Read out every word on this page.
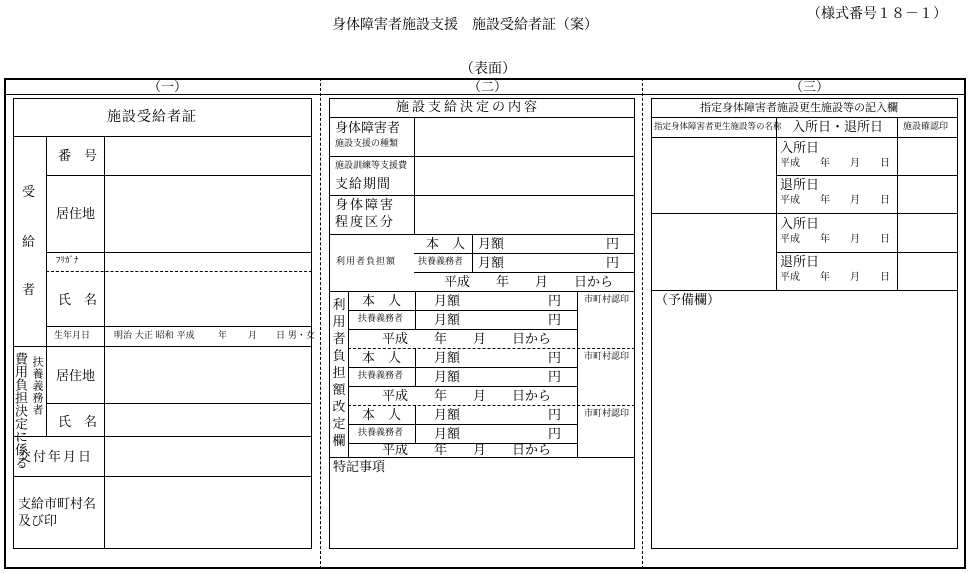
（様式番号１８－１）
身体障害者施設支援　施設受給者証（案）
（表面）
（一）	（二）	（三）
施設受給者証
受
給
者
番　号
居住地
ﾌﾘｶﾞﾅ
氏　名
生年月日	明治 大正 昭和 平成	年 月 日 男・女
費用負担決定に係る 扶養義務者 居住地
氏　名
交付年月日
支給市町村名
及び印
施設支給決定の内容
身体障害者
施設支援の種類
施設訓練等支援費
支給期間
身体障害
程度区分
利用者負担額
本　人 月額	円
扶養義務者 月額	円
平成　　年　　月　　日から
利
用
者
負
担
額
改
定
欄
本　人	月額	円	市町村認印
扶養義務者 月額	円
平成　　年　　月　　日から
本　人	月額	円	市町村認印
扶養義務者 月額	円
平成　　年　　月　　日から
本　人	月額	円	市町村認印
扶養義務者 月額	円
平成　　年　　月　　日から
特記事項
指定身体障害者施設更生施設等の記入欄
指定身体障害者更生施設等の名称 入所日・退所日 施設確認印
入所日
平成　　年　　月　　日
退所日
平成　　年　　月　　日
入所日
平成　　年　　月　　日
退所日
平成　　年　　月　　日
（予備欄）
